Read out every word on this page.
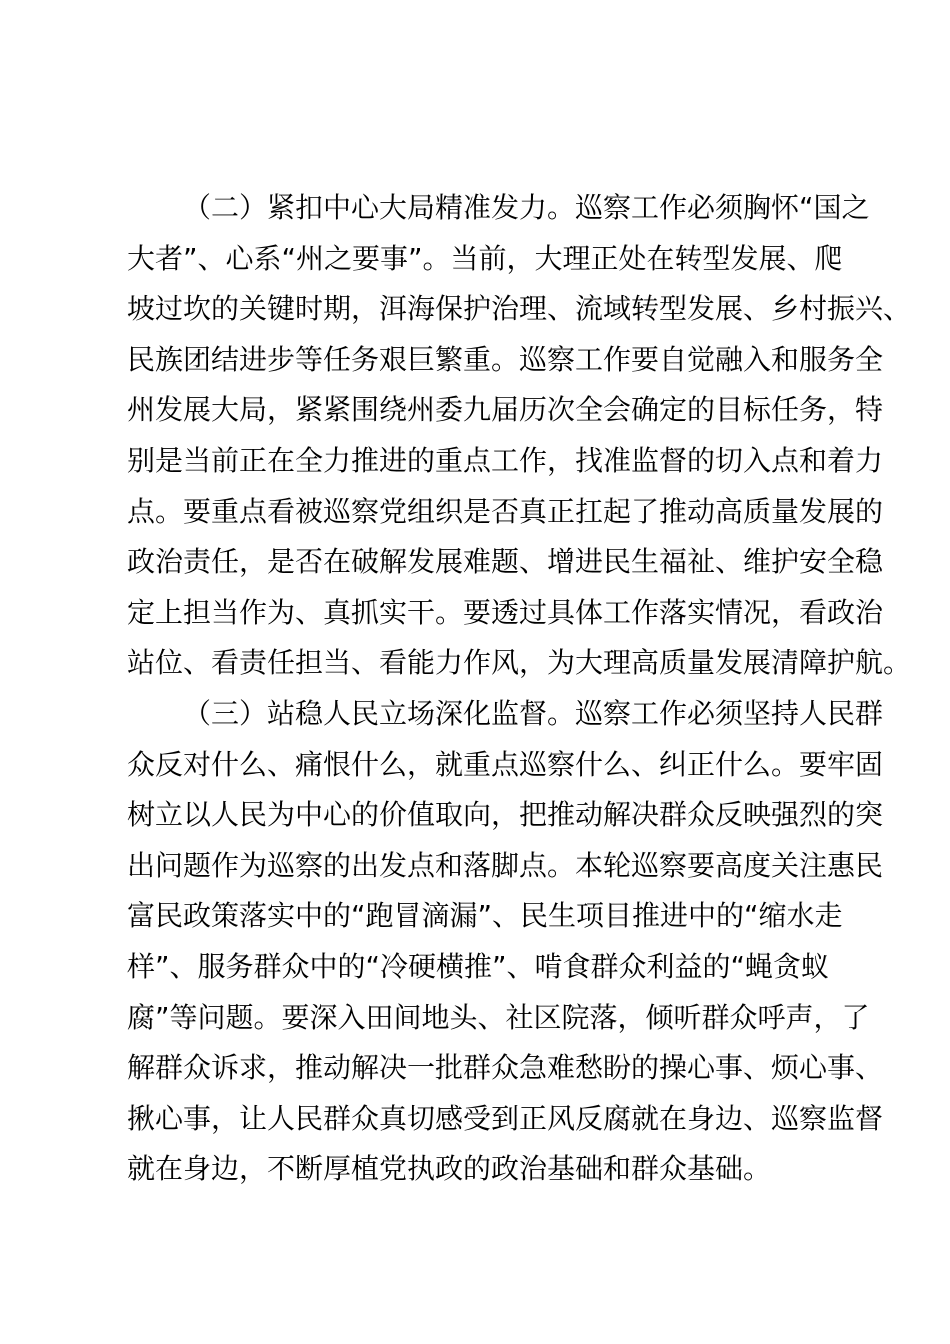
（二）紧扣中心大局精准发力。巡察工作必须胸怀“国之
大者”、心系“州之要事”。当前，大理正处在转型发展、爬
坡过坎的关键时期，洱海保护治理、流域转型发展、乡村振兴、
民族团结进步等任务艰巨繁重。巡察工作要自觉融入和服务全
州发展大局，紧紧围绕州委九届历次全会确定的目标任务，特
别是当前正在全力推进的重点工作，找准监督的切入点和着力
点。要重点看被巡察党组织是否真正扛起了推动高质量发展的
政治责任，是否在破解发展难题、增进民生福祉、维护安全稳
定上担当作为、真抓实干。要透过具体工作落实情况，看政治
站位、看责任担当、看能力作风，为大理高质量发展清障护航。
（三）站稳人民立场深化监督。巡察工作必须坚持人民群
众反对什么、痛恨什么，就重点巡察什么、纠正什么。要牢固
树立以人民为中心的价值取向，把推动解决群众反映强烈的突
出问题作为巡察的出发点和落脚点。本轮巡察要高度关注惠民
富民政策落实中的“跑冒滴漏”、民生项目推进中的“缩水走
样”、服务群众中的“冷硬横推”、啃食群众利益的“蝇贪蚁
腐”等问题。要深入田间地头、社区院落，倾听群众呼声，了
解群众诉求，推动解决一批群众急难愁盼的操心事、烦心事、
揪心事，让人民群众真切感受到正风反腐就在身边、巡察监督
就在身边，不断厚植党执政的政治基础和群众基础。
